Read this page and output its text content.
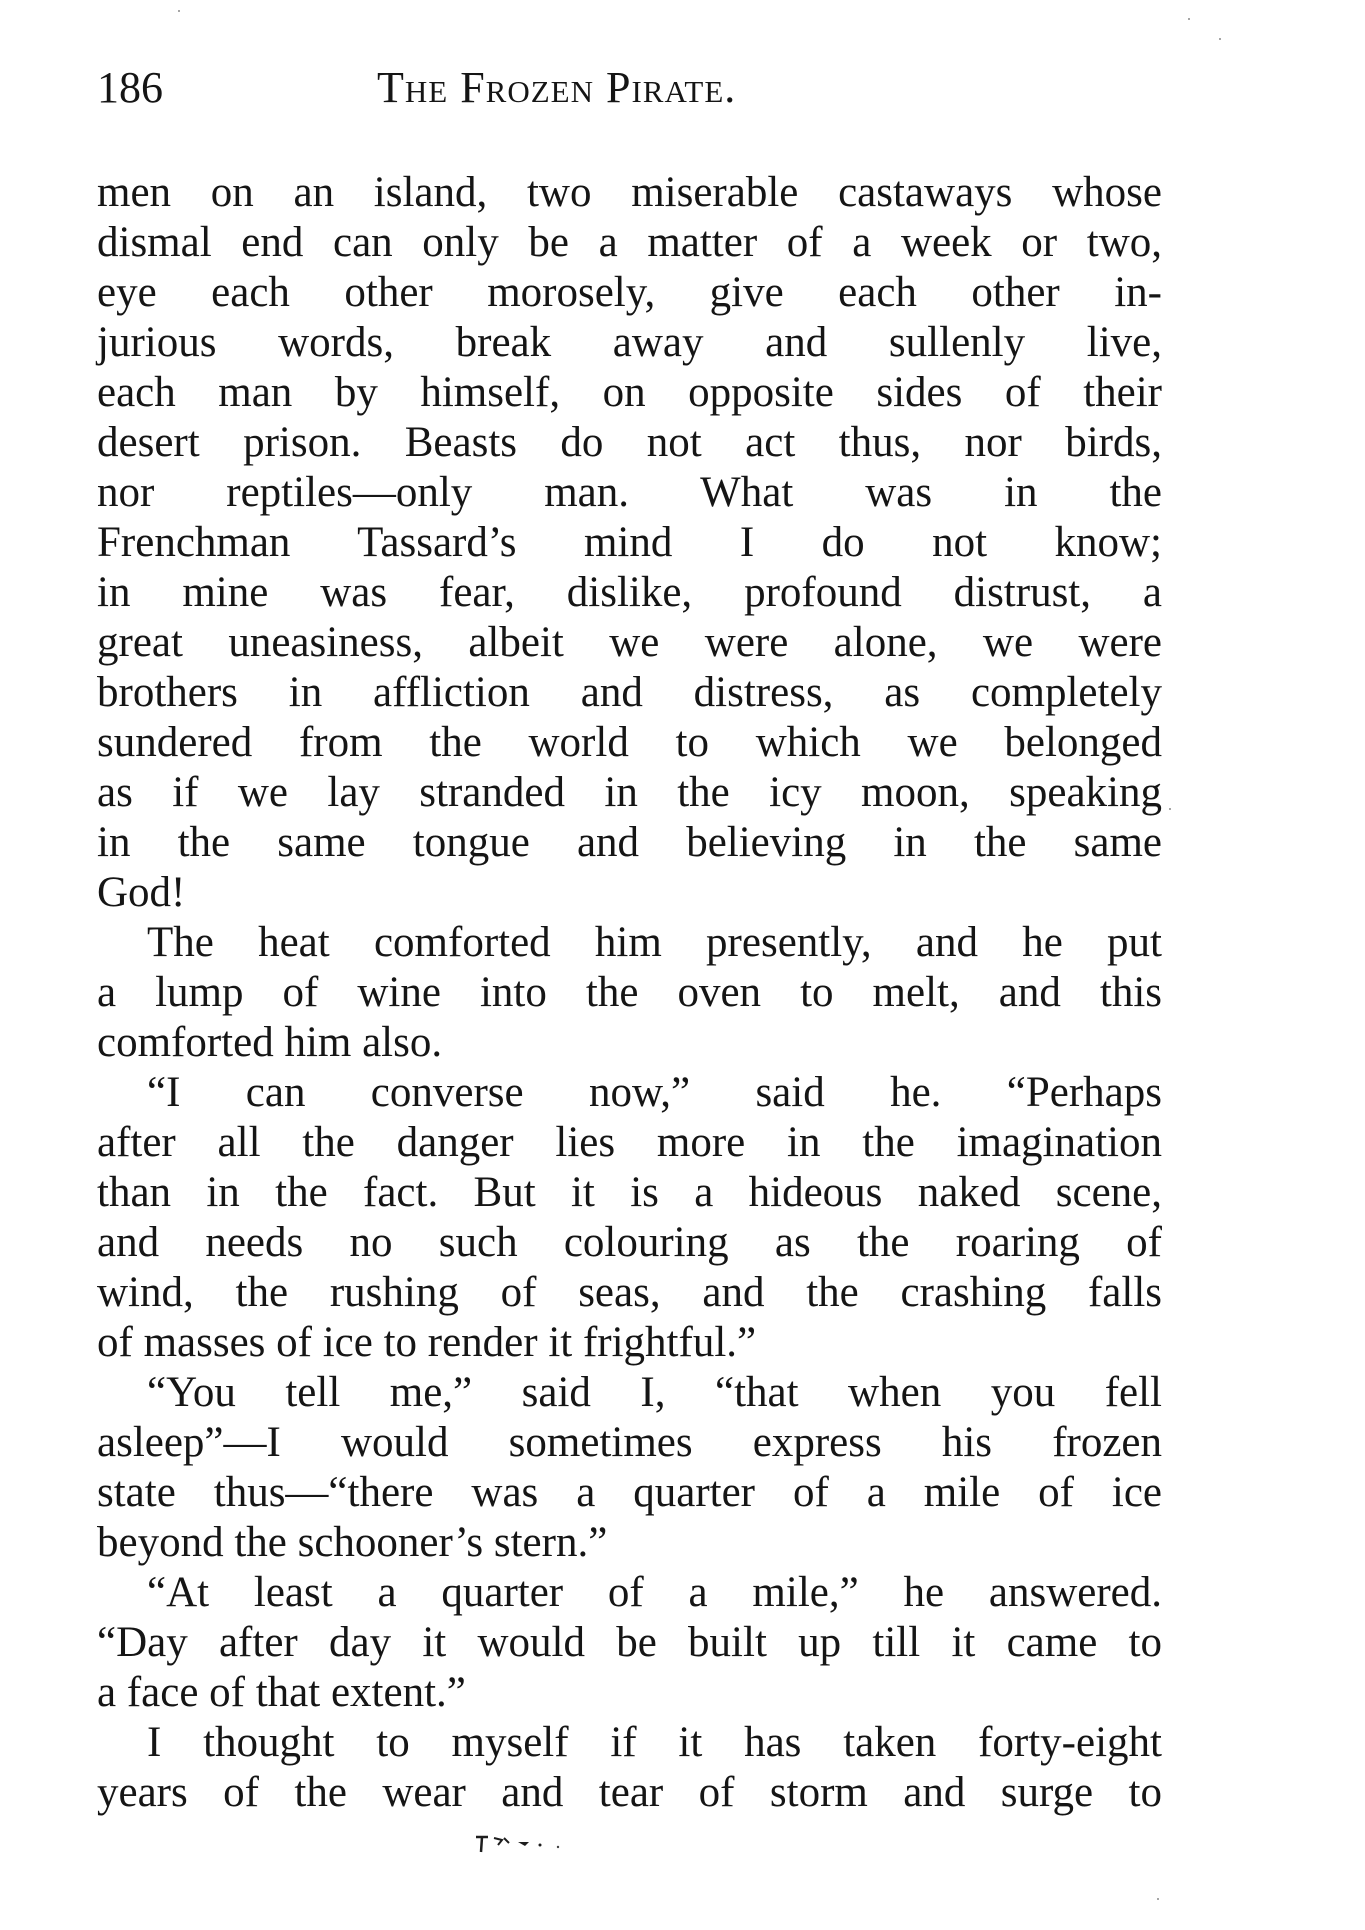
186	The Frozen Pirate.
men on an island, two miserable castaways whose
dismal end can only be a matter of a week or two,
eye each other morosely, give each other in-
jurious words, break away and sullenly live,
each man by himself, on opposite sides of their
desert prison. Beasts do not act thus, nor birds,
nor reptiles—only man. What was in the
Frenchman Tassard’s mind I do not know;
in mine was fear, dislike, profound distrust, a
great uneasiness, albeit we were alone, we were
brothers in affliction and distress, as completely
sundered from the world to which we belonged
as if we lay stranded in the icy moon, speaking
in the same tongue and believing in the same
God!
The heat comforted him presently, and he put
a lump of wine into the oven to melt, and this
comforted him also.
“I can converse now,” said he. “Perhaps
after all the danger lies more in the imagination
than in the fact. But it is a hideous naked scene,
and needs no such colouring as the roaring of
wind, the rushing of seas, and the crashing falls
of masses of ice to render it frightful.”
“You tell me,” said I, “that when you fell
asleep”—I would sometimes express his frozen
state thus—“there was a quarter of a mile of ice
beyond the schooner’s stern.”
“At least a quarter of a mile,” he answered.
“Day after day it would be built up till it came to
a face of that extent.”
I thought to myself if it has taken forty-eight
years of the wear and tear of storm and surge to
